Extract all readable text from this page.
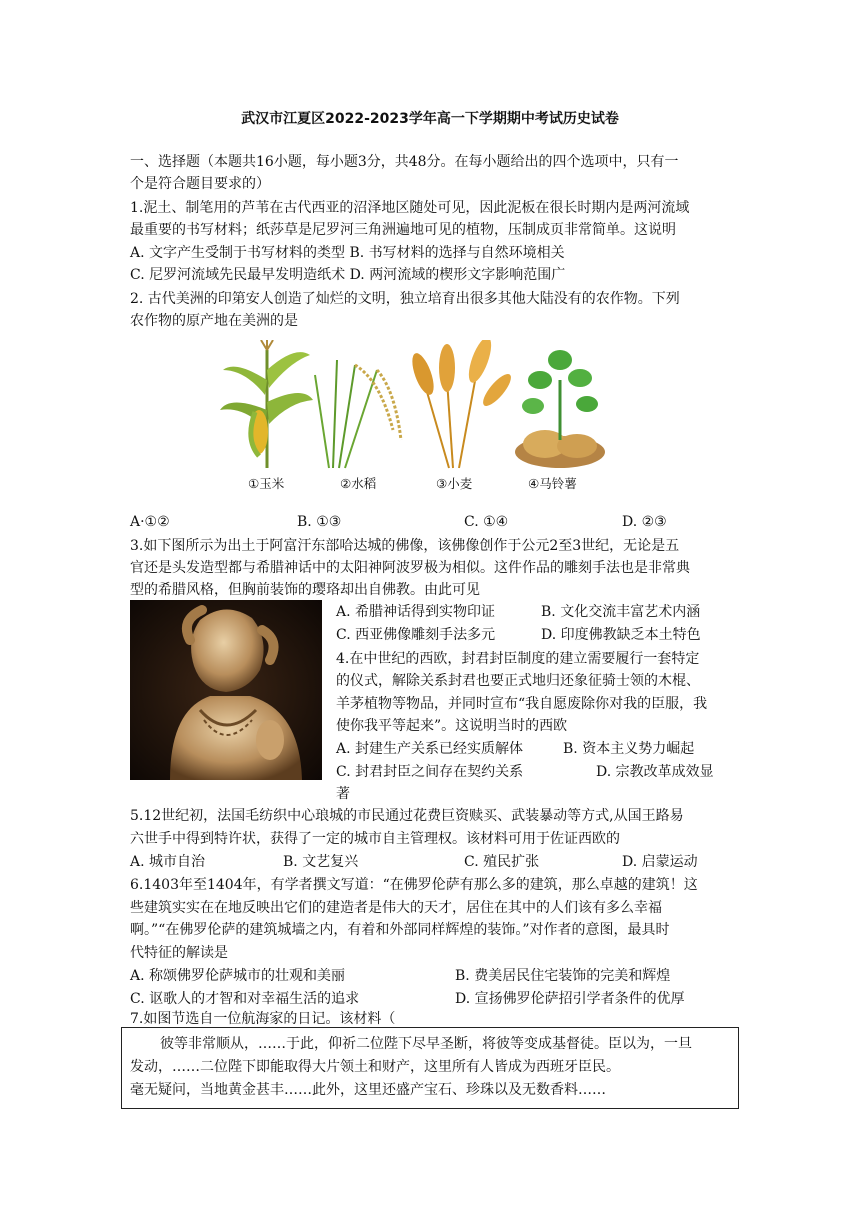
武汉市江夏区2022-2023学年高一下学期期中考试历史试卷
一、选择题（本题共16小题，每小题3分，共48分。在每小题给出的四个选项中，只有一
个是符合题目要求的）
1.泥土、制笔用的芦苇在古代西亚的沼泽地区随处可见，因此泥板在很长时期内是两河流域
最重要的书写材料；纸莎草是尼罗河三角洲遍地可见的植物，压制成页非常简单。这说明
A. 文字产生受制于书写材料的类型 B. 书写材料的选择与自然环境相关
C. 尼罗河流域先民最早发明造纸术 D. 两河流域的楔形文字影响范围广
2. 古代美洲的印第安人创造了灿烂的文明，独立培育出很多其他大陆没有的农作物。下列
农作物的原产地在美洲的是
①玉米	②水稻	③小麦	④马铃薯
A·①②	B. ①③	C. ①④	D. ②③
3.如下图所示为出土于阿富汗东部哈达城的佛像，该佛像创作于公元2至3世纪，无论是五
官还是头发造型都与希腊神话中的太阳神阿波罗极为相似。这件作品的雕刻手法也是非常典
型的希腊风格，但胸前装饰的璎珞却出自佛教。由此可见
A. 希腊神话得到实物印证	B. 文化交流丰富艺术内涵
C. 西亚佛像雕刻手法多元	D. 印度佛教缺乏本土特色
4.在中世纪的西欧，封君封臣制度的建立需要履行一套特定
的仪式，解除关系封君也要正式地归还象征骑士领的木棍、
羊茅植物等物品，并同时宣布“我自愿废除你对我的臣服，我
使你我平等起来”。这说明当时的西欧
A. 封建生产关系已经实质解体	B. 资本主义势力崛起
C. 封君封臣之间存在契约关系	D. 宗教改革成效显
著
5.12世纪初，法国毛纺织中心琅城的市民通过花费巨资赎买、武装暴动等方式,从国王路易
六世手中得到特许状，获得了一定的城市自主管理权。该材料可用于佐证西欧的
A. 城市自治	B. 文艺复兴	C. 殖民扩张	D. 启蒙运动
6.1403年至1404年，有学者撰文写道：“在佛罗伦萨有那么多的建筑，那么卓越的建筑！这
些建筑实实在在地反映出它们的建造者是伟大的天才，居住在其中的人们该有多么幸福
啊。”“在佛罗伦萨的建筑城墙之内，有着和外部同样辉煌的装饰。”对作者的意图，最具时
代特征的解读是
A. 称颂佛罗伦萨城市的壮观和美丽	B. 费美居民住宅装饰的完美和辉煌
C. 讴歌人的才智和对幸福生活的追求	D. 宣扬佛罗伦萨招引学者条件的优厚
7.如图节选自一位航海家的日记。该材料（
彼等非常顺从，……于此，仰祈二位陛下尽早圣断，将彼等变成基督徒。臣以为，一旦
发动，……二位陛下即能取得大片领土和财产，这里所有人皆成为西班牙臣民。
毫无疑问，当地黄金甚丰……此外，这里还盛产宝石、珍珠以及无数香料……
